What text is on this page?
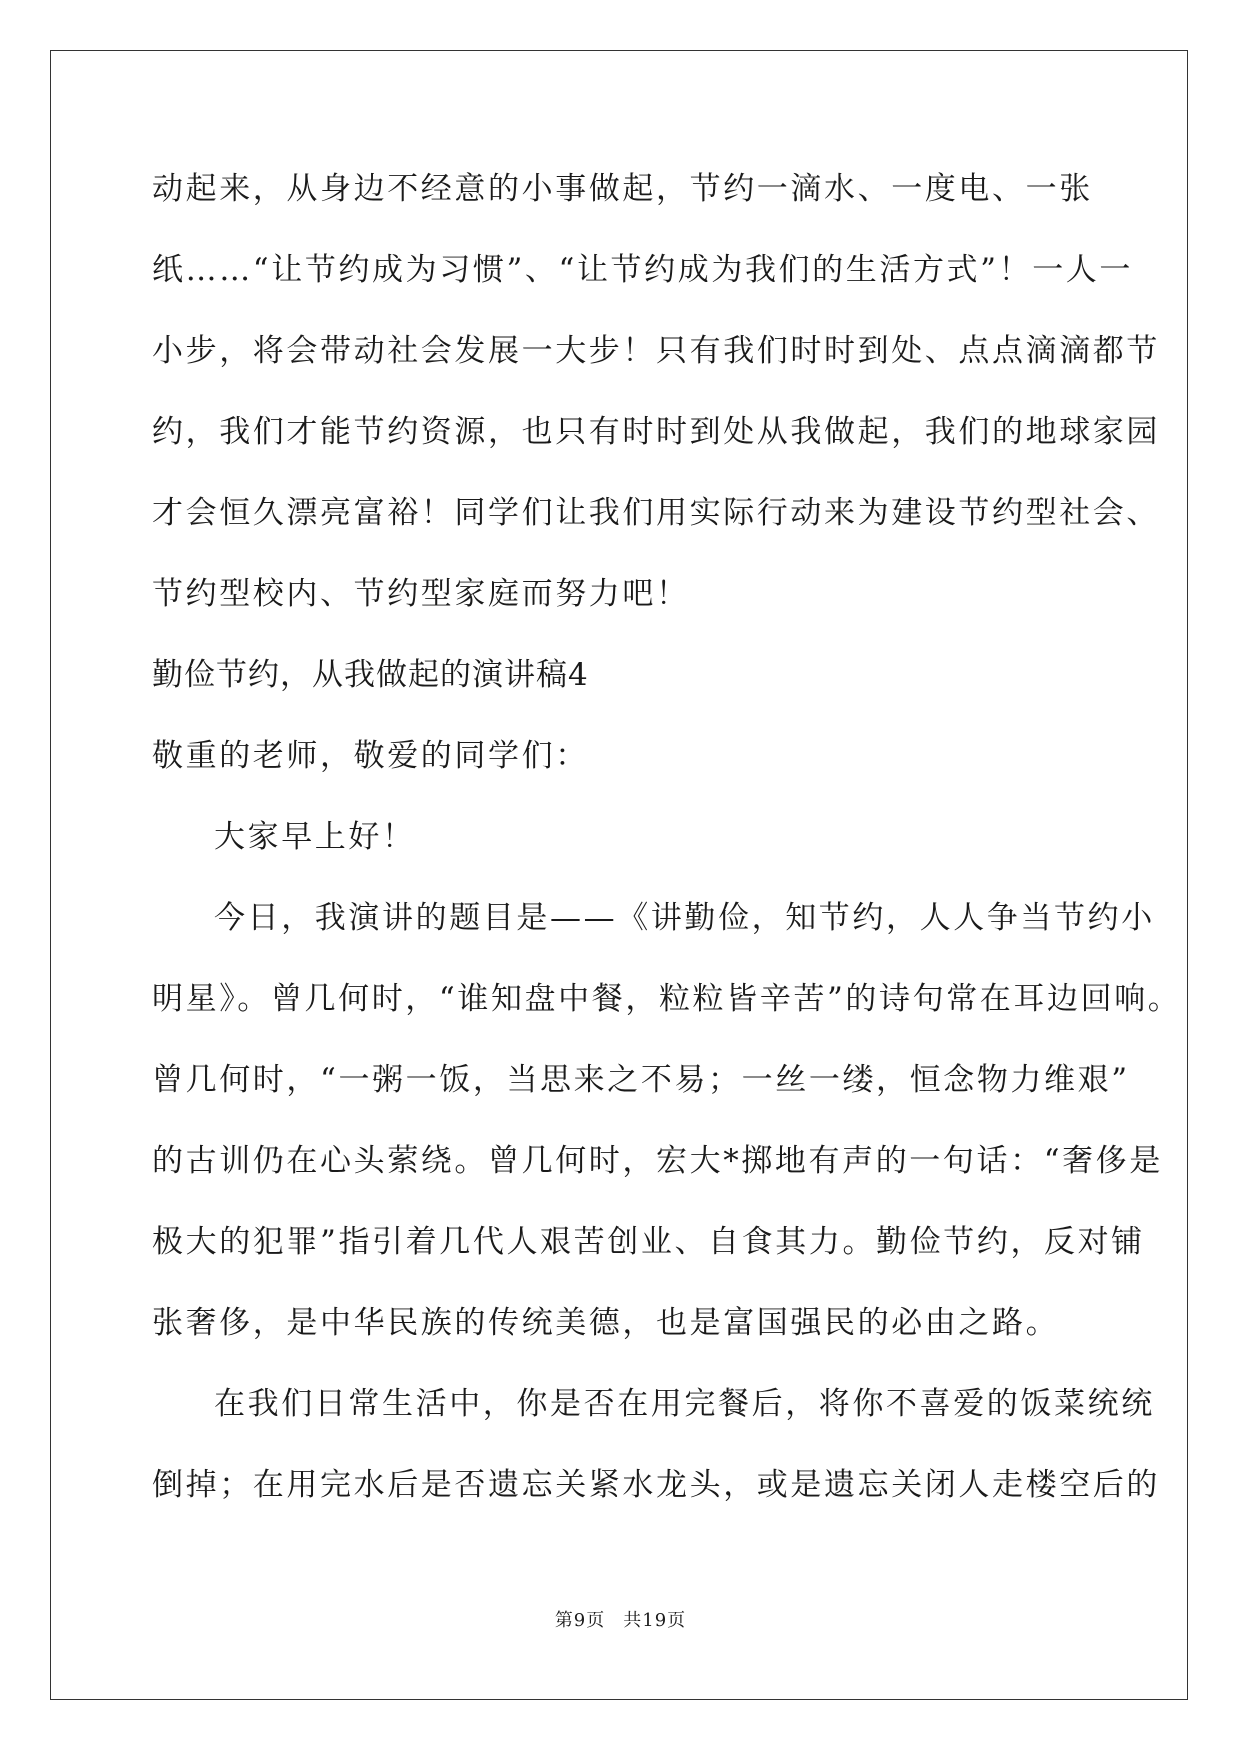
动起来，从身边不经意的小事做起，节约一滴水、一度电、一张
纸……“让节约成为习惯”、“让节约成为我们的生活方式”！一人一
小步，将会带动社会发展一大步！只有我们时时到处、点点滴滴都节
约，我们才能节约资源，也只有时时到处从我做起，我们的地球家园
才会恒久漂亮富裕！同学们让我们用实际行动来为建设节约型社会、
节约型校内、节约型家庭而努力吧！
勤俭节约，从我做起的演讲稿4
敬重的老师，敬爱的同学们：
大家早上好！
今日，我演讲的题目是——《讲勤俭，知节约，人人争当节约小
明星》。曾几何时，“谁知盘中餐，粒粒皆辛苦”的诗句常在耳边回响。
曾几何时，“一粥一饭，当思来之不易；一丝一缕，恒念物力维艰”
的古训仍在心头萦绕。曾几何时，宏大*掷地有声的一句话：“奢侈是
极大的犯罪”指引着几代人艰苦创业、自食其力。勤俭节约，反对铺
张奢侈，是中华民族的传统美德，也是富国强民的必由之路。
在我们日常生活中，你是否在用完餐后，将你不喜爱的饭菜统统
倒掉；在用完水后是否遗忘关紧水龙头，或是遗忘关闭人走楼空后的
第9页 共19页
